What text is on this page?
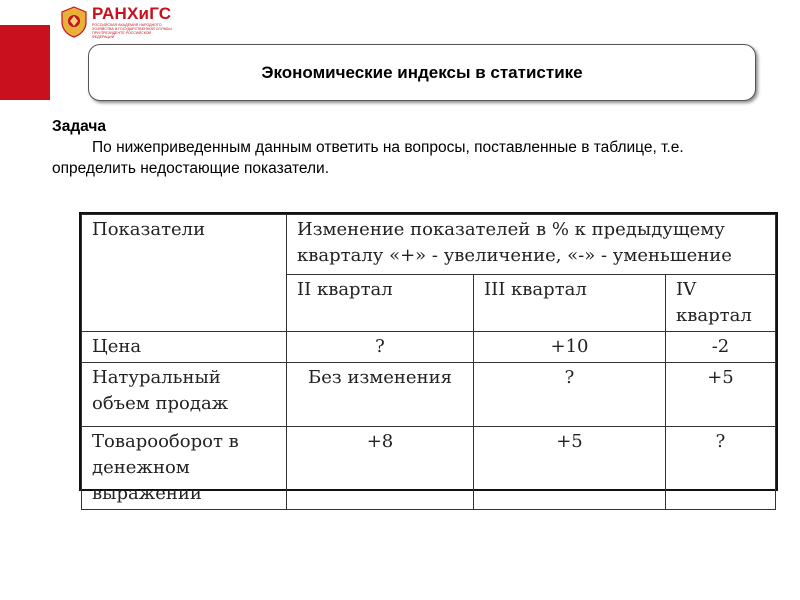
РАНХиГС
РОССИЙСКАЯ АКАДЕМИЯ НАРОДНОГО ХОЗЯЙСТВА И ГОСУДАРСТВЕННОЙ СЛУЖБЫ ПРИ ПРЕЗИДЕНТЕ РОССИЙСКОЙ ФЕДЕРАЦИИ
Экономические индексы в статистике
Задача
По нижеприведенным данным ответить на вопросы, поставленные в таблице, т.е. определить недостающие показатели.
Показатели	Изменение показателей в % к предыдущему кварталу «+» - увеличение, «-» - уменьшение		
	II квартал	III квартал	IV квартал
Цена	?	+10	-2
Натуральный объем продаж	Без изменения	?	+5
Товарооборот в денежном выражении	+8	+5	?
